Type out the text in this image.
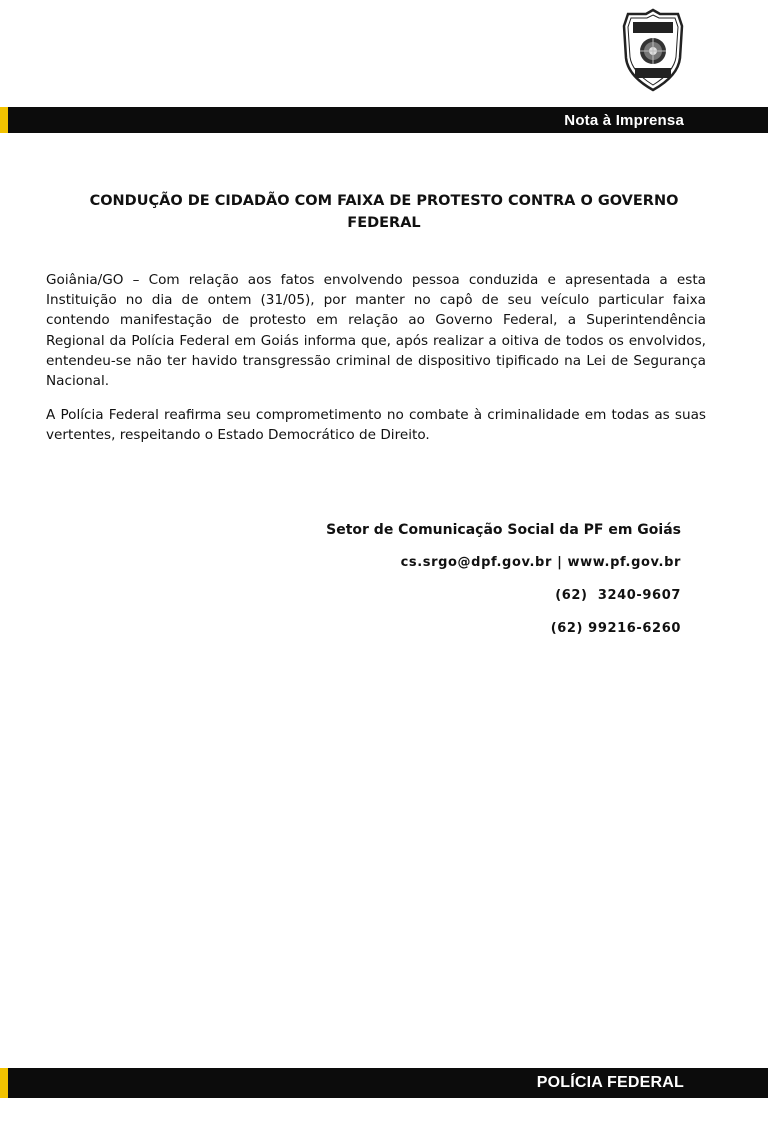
Nota à Imprensa
CONDUÇÃO DE CIDADÃO COM FAIXA DE PROTESTO CONTRA O GOVERNO FEDERAL

Goiânia/GO – Com relação aos fatos envolvendo pessoa conduzida e apresentada a esta Instituição no dia de ontem (31/05), por manter no capô de seu veículo particular faixa contendo manifestação de protesto em relação ao Governo Federal, a Superintendência Regional da Polícia Federal em Goiás informa que, após realizar a oitiva de todos os envolvidos, entendeu-se não ter havido transgressão criminal de dispositivo tipificado na Lei de Segurança Nacional.

A Polícia Federal reafirma seu comprometimento no combate à criminalidade em todas as suas vertentes, respeitando o Estado Democrático de Direito.

Setor de Comunicação Social da PF em Goiás
cs.srgo@dpf.gov.br | www.pf.gov.br
(62)  3240-9607
(62) 99216-6260
POLÍCIA FEDERAL
